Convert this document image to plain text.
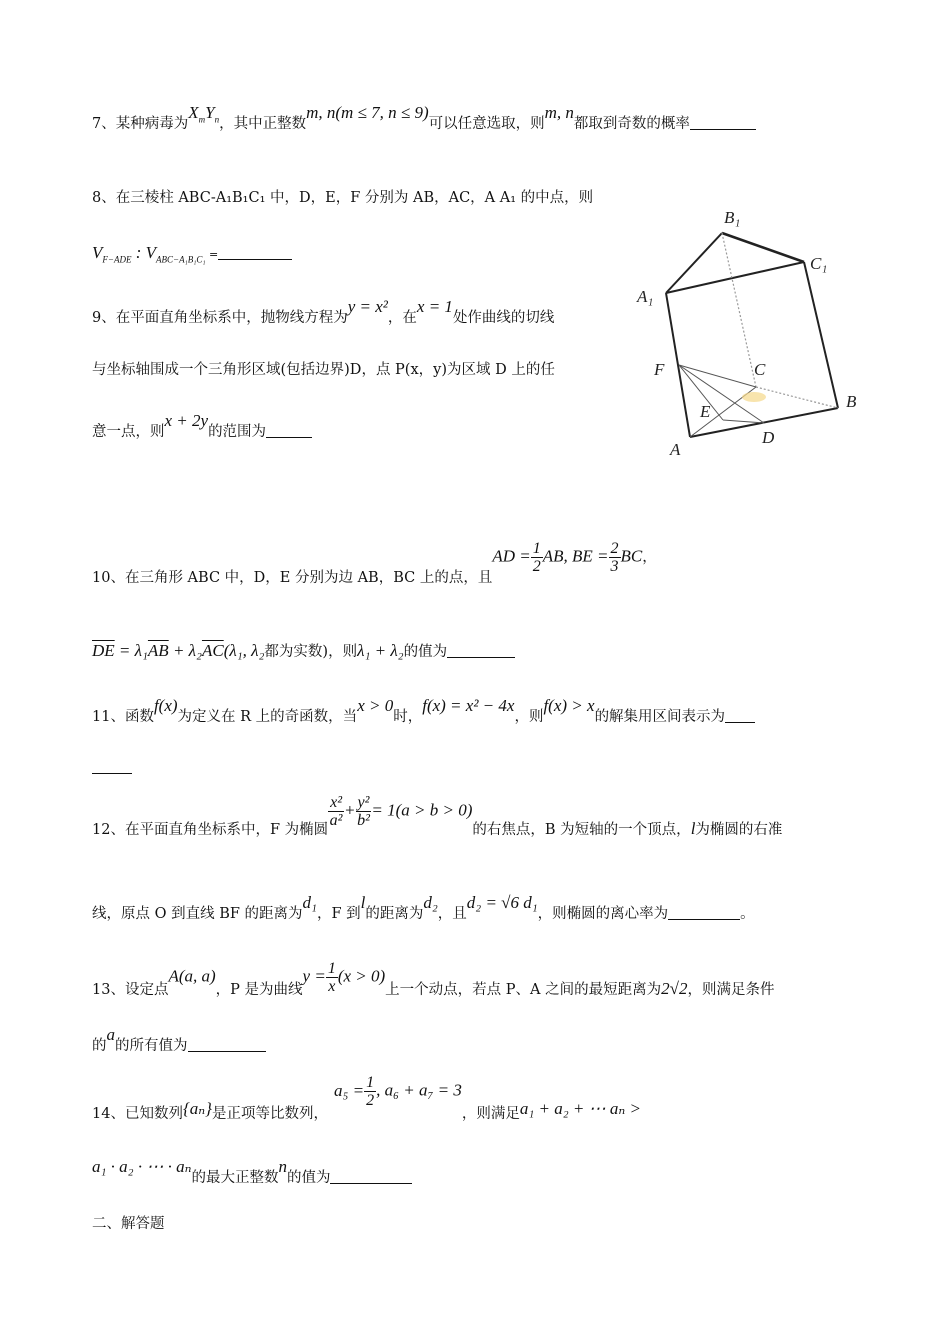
7、某种病毒为$X_mY_n$，其中正整数m, n(m ≤ 7, n ≤ 9)可以任意选取，则m, n都取到奇数的概率
8、在三棱柱 ABC-A₁B₁C₁ 中，D，E，F 分别为 AB，AC，A A₁ 的中点，则
$V_{F-ADE}$ : $V_{ABC-A_1B_1C_1}$ =
9、在平面直角坐标系中，抛物线方程为y = x²，在x = 1处作曲线的切线
与坐标轴围成一个三角形区域(包括边界)D，点 P(x，y)为区域 D 上的任
意一点，则x + 2y的范围为
B₁
C₁
A₁
F	C
B
E
D
A
10、在三角形 ABC 中，D，E 分别为边 AB，BC 上的点，且AD = $\frac{1}{2}$ AB, BE = $\frac{2}{3}$ BC，
$\overline{DE} = \lambda_1\overline{AB} + \lambda_2\overline{AC}(\lambda_1$, λ₂都为实数)，则λ₁ + λ₂的值为
11、函数f(x)为定义在 R 上的奇函数，当x > 0时，f(x) = x² − 4x，则f(x) > x的解集用区间表示为
12、在平面直角坐标系中，F 为椭圆
$\frac{\text{x²}}{\text{a²}} + \frac{\text{y²}}{\text{b²}} = 1(a > b > 0)$的右焦点，B 为短轴的一个顶点，l为椭圆的右准
线，原点 O 到直线 BF 的距离为d₁，F 到l的距离为d₂，且d₂ = √6 d₁，则椭圆的离心率为	。
13、设定点A(a, a)，P 是为曲线$y = \frac{1}{x} (x > 0)$上一个动点，若点 P、A 之间的最短距离为2√2，则满足条件
的a的所有值为
14、已知数列{aₙ}是正项等比数列，$a_5 = \frac{1}{2}$ , a₆ + a₇ = 3，则满足a₁ + a₂ + ⋯ aₙ >
a₁ · a₂ · ⋯ · aₙ的最大正整数n的值为
二、解答题
